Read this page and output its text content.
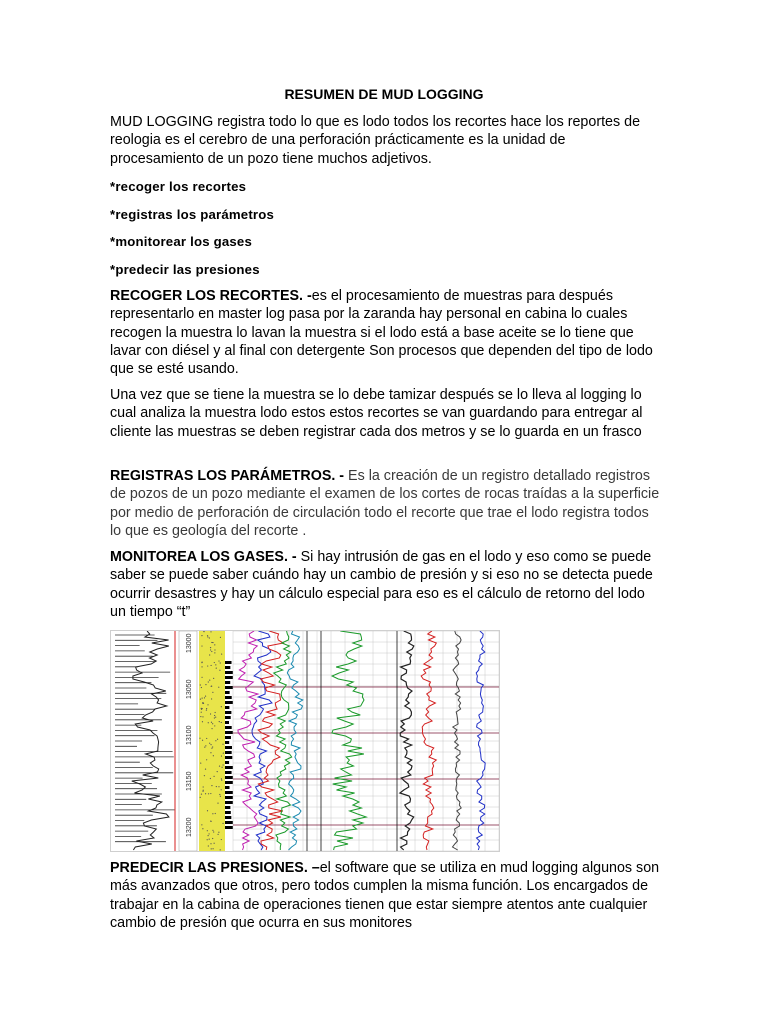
RESUMEN DE MUD LOGGING

MUD LOGGING registra todo lo que es lodo todos los recortes hace los reportes de reologia es el cerebro de una perforación prácticamente es la unidad de procesamiento de un pozo tiene muchos adjetivos.

*recoger los recortes
*registras los parámetros
*monitorear los gases
*predecir las presiones

RECOGER LOS RECORTES. -es el procesamiento de muestras para después representarlo en master log pasa por la zaranda hay personal en cabina lo cuales recogen la muestra lo lavan la muestra si el lodo está a base aceite se lo tiene que lavar con diésel y al final con detergente Son procesos que dependen del tipo de lodo que se esté usando.

Una vez que se tiene la muestra se lo debe tamizar después se lo lleva al logging lo cual analiza la muestra lodo estos estos recortes se van guardando para entregar al cliente las muestras se deben registrar cada dos metros y se lo guarda en un frasco

REGISTRAS LOS PARÁMETROS. - Es la creación de un registro detallado registros de pozos de un pozo mediante el examen de los cortes de rocas traídas a la superficie por medio de perforación de circulación todo el recorte que trae el lodo registra todos lo que es geología del recorte .

MONITOREA LOS GASES. - Si hay intrusión de gas en el lodo y eso como se puede saber se puede saber cuándo hay un cambio de presión y si eso no se detecta puede ocurrir desastres y hay un cálculo especial para eso es el cálculo de retorno del lodo un tiempo “t”

13000
13050
13100
13150
13200

PREDECIR LAS PRESIONES. –el software que se utiliza en mud logging algunos son más avanzados que otros, pero todos cumplen la misma función. Los encargados de trabajar en la cabina de operaciones tienen que estar siempre atentos ante cualquier cambio de presión que ocurra en sus monitores
